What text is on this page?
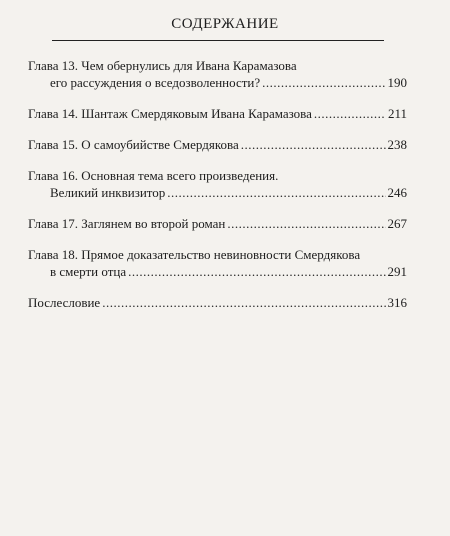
СОДЕРЖАНИЕ
Глава 13. Чем обернулись для Ивана Карамазова
его рассуждения о вседозволенности? .....	190
Глава 14. Шантаж Смердяковым Ивана Карамазова .....	211
Глава 15. О самоубийстве Смердякова .....	238
Глава 16. Основная тема всего произведения.
Великий инквизитор .....	246
Глава 17. Заглянем во второй роман .....	267
Глава 18. Прямое доказательство невиновности Смердякова
в смерти отца .....	291
Послесловие .....	316
